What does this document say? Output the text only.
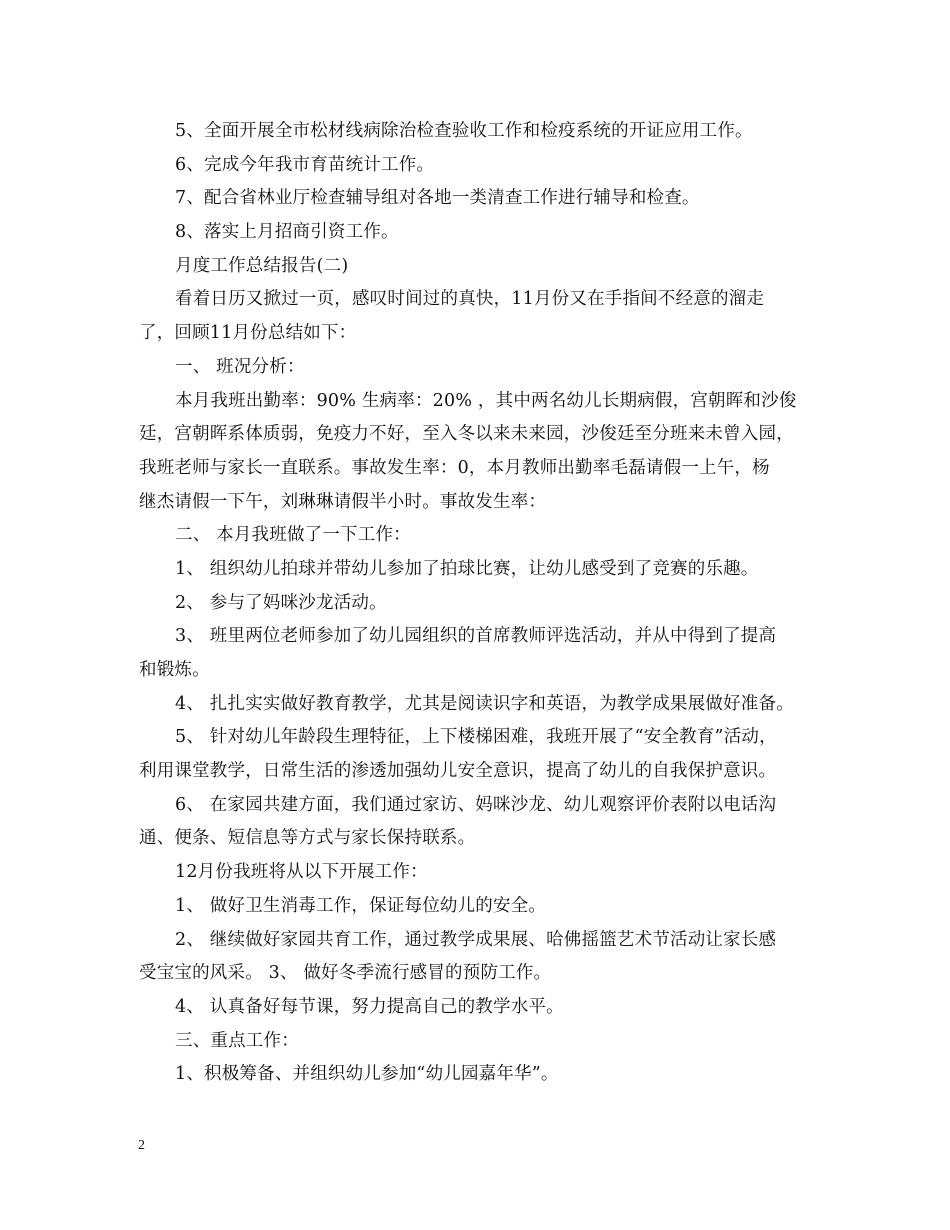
5、全面开展全市松材线病除治检查验收工作和检疫系统的开证应用工作。
6、完成今年我市育苗统计工作。
7、配合省林业厅检查辅导组对各地一类清查工作进行辅导和检查。
8、落实上月招商引资工作。
月度工作总结报告(二)
看着日历又掀过一页，感叹时间过的真快，11月份又在手指间不经意的溜走
了，回顾11月份总结如下：
一、 班况分析：
本月我班出勤率：90% 生病率：20% ，其中两名幼儿长期病假，宫朝晖和沙俊
廷，宫朝晖系体质弱，免疫力不好，至入冬以来未来园，沙俊廷至分班来未曾入园，
我班老师与家长一直联系。事故发生率：0，本月教师出勤率毛磊请假一上午，杨
继杰请假一下午，刘琳琳请假半小时。事故发生率：
二、 本月我班做了一下工作：
1、 组织幼儿拍球并带幼儿参加了拍球比赛，让幼儿感受到了竞赛的乐趣。
2、 参与了妈咪沙龙活动。
3、 班里两位老师参加了幼儿园组织的首席教师评选活动，并从中得到了提高
和锻炼。
4、 扎扎实实做好教育教学，尤其是阅读识字和英语，为教学成果展做好准备。
5、 针对幼儿年龄段生理特征，上下楼梯困难，我班开展了“安全教育”活动，
利用课堂教学，日常生活的渗透加强幼儿安全意识，提高了幼儿的自我保护意识。
6、 在家园共建方面，我们通过家访、妈咪沙龙、幼儿观察评价表附以电话沟
通、便条、短信息等方式与家长保持联系。
12月份我班将从以下开展工作：
1、 做好卫生消毒工作，保证每位幼儿的安全。
2、 继续做好家园共育工作，通过教学成果展、哈佛摇篮艺术节活动让家长感
受宝宝的风采。 3、 做好冬季流行感冒的预防工作。
4、 认真备好每节课，努力提高自己的教学水平。
三、重点工作：
1、积极筹备、并组织幼儿参加“幼儿园嘉年华”。
2
